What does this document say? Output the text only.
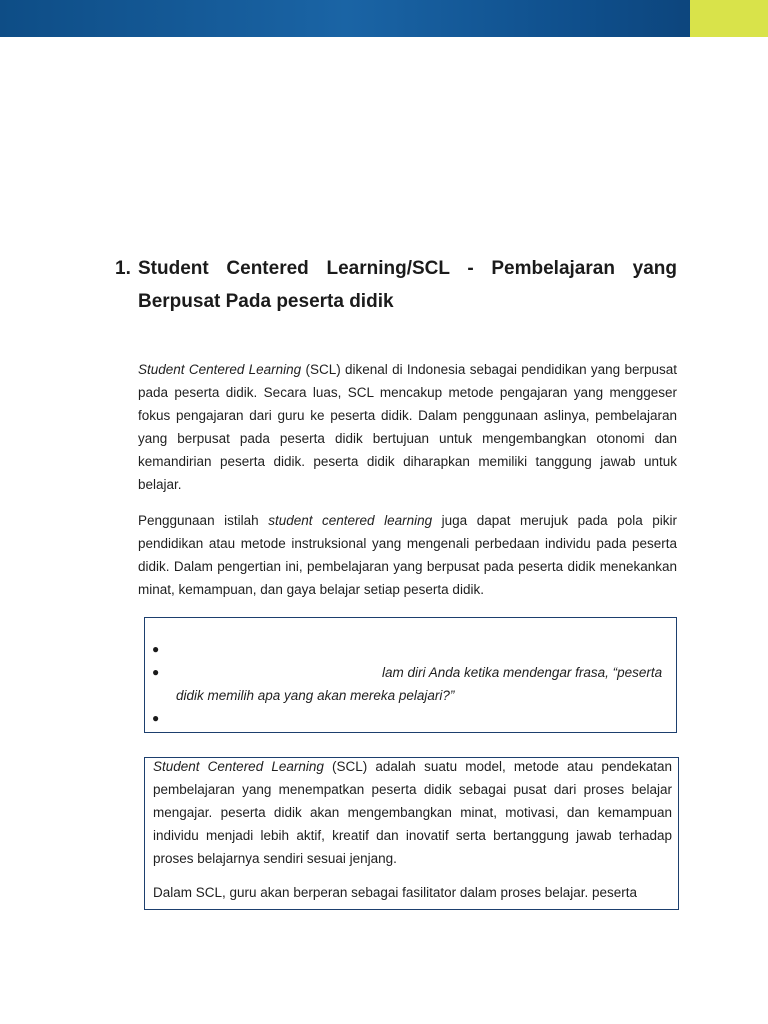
1. Student Centered Learning/SCL - Pembelajaran yang
Berpusat Pada peserta didik

Student Centered Learning (SCL) dikenal di Indonesia sebagai pendidikan yang berpusat pada peserta didik. Secara luas, SCL mencakup metode pengajaran yang menggeser fokus pengajaran dari guru ke peserta didik. Dalam penggunaan aslinya, pembelajaran yang berpusat pada peserta didik bertujuan untuk mengembangkan otonomi dan kemandirian peserta didik. peserta didik diharapkan memiliki tanggung jawab untuk belajar.

Penggunaan istilah student centered learning juga dapat merujuk pada pola pikir pendidikan atau metode instruksional yang mengenali perbedaan individu pada peserta didik. Dalam pengertian ini, pembelajaran yang berpusat pada peserta didik menekankan minat, kemampuan, dan gaya belajar setiap peserta didik.

●
●	lam diri Anda ketika mendengar frasa, “peserta
didik memilih apa yang akan mereka pelajari?”
●

Student Centered Learning (SCL) adalah suatu model, metode atau pendekatan pembelajaran yang menempatkan peserta didik sebagai pusat dari proses belajar mengajar. peserta didik akan mengembangkan minat, motivasi, dan kemampuan individu menjadi lebih aktif, kreatif dan inovatif serta bertanggung jawab terhadap proses belajarnya sendiri sesuai jenjang.

Dalam SCL, guru akan berperan sebagai fasilitator dalam proses belajar. peserta
